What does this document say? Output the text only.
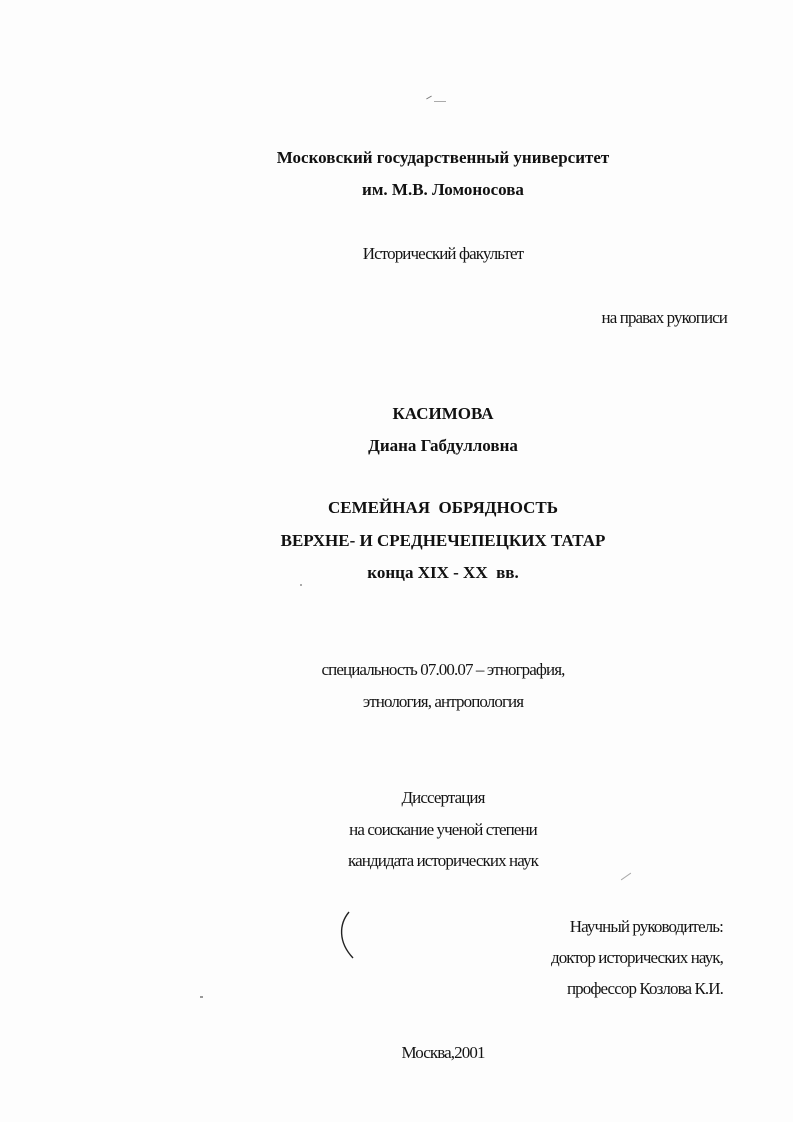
Московский государственный университет
им. М.В. Ломоносова
Исторический факультет
на правах рукописи
КАСИМОВА
Диана Габдулловна
СЕМЕЙНАЯ  ОБРЯДНОСТЬ
ВЕРХНЕ- И СРЕДНЕЧЕПЕЦКИХ ТАТАР
конца XIX - XX  вв.
специальность 07.00.07 – этнография,
этнология, антропология
Диссертация
на соискание ученой степени
кандидата исторических наук
Научный руководитель:
доктор исторических наук,
профессор Козлова К.И.
Москва,2001
